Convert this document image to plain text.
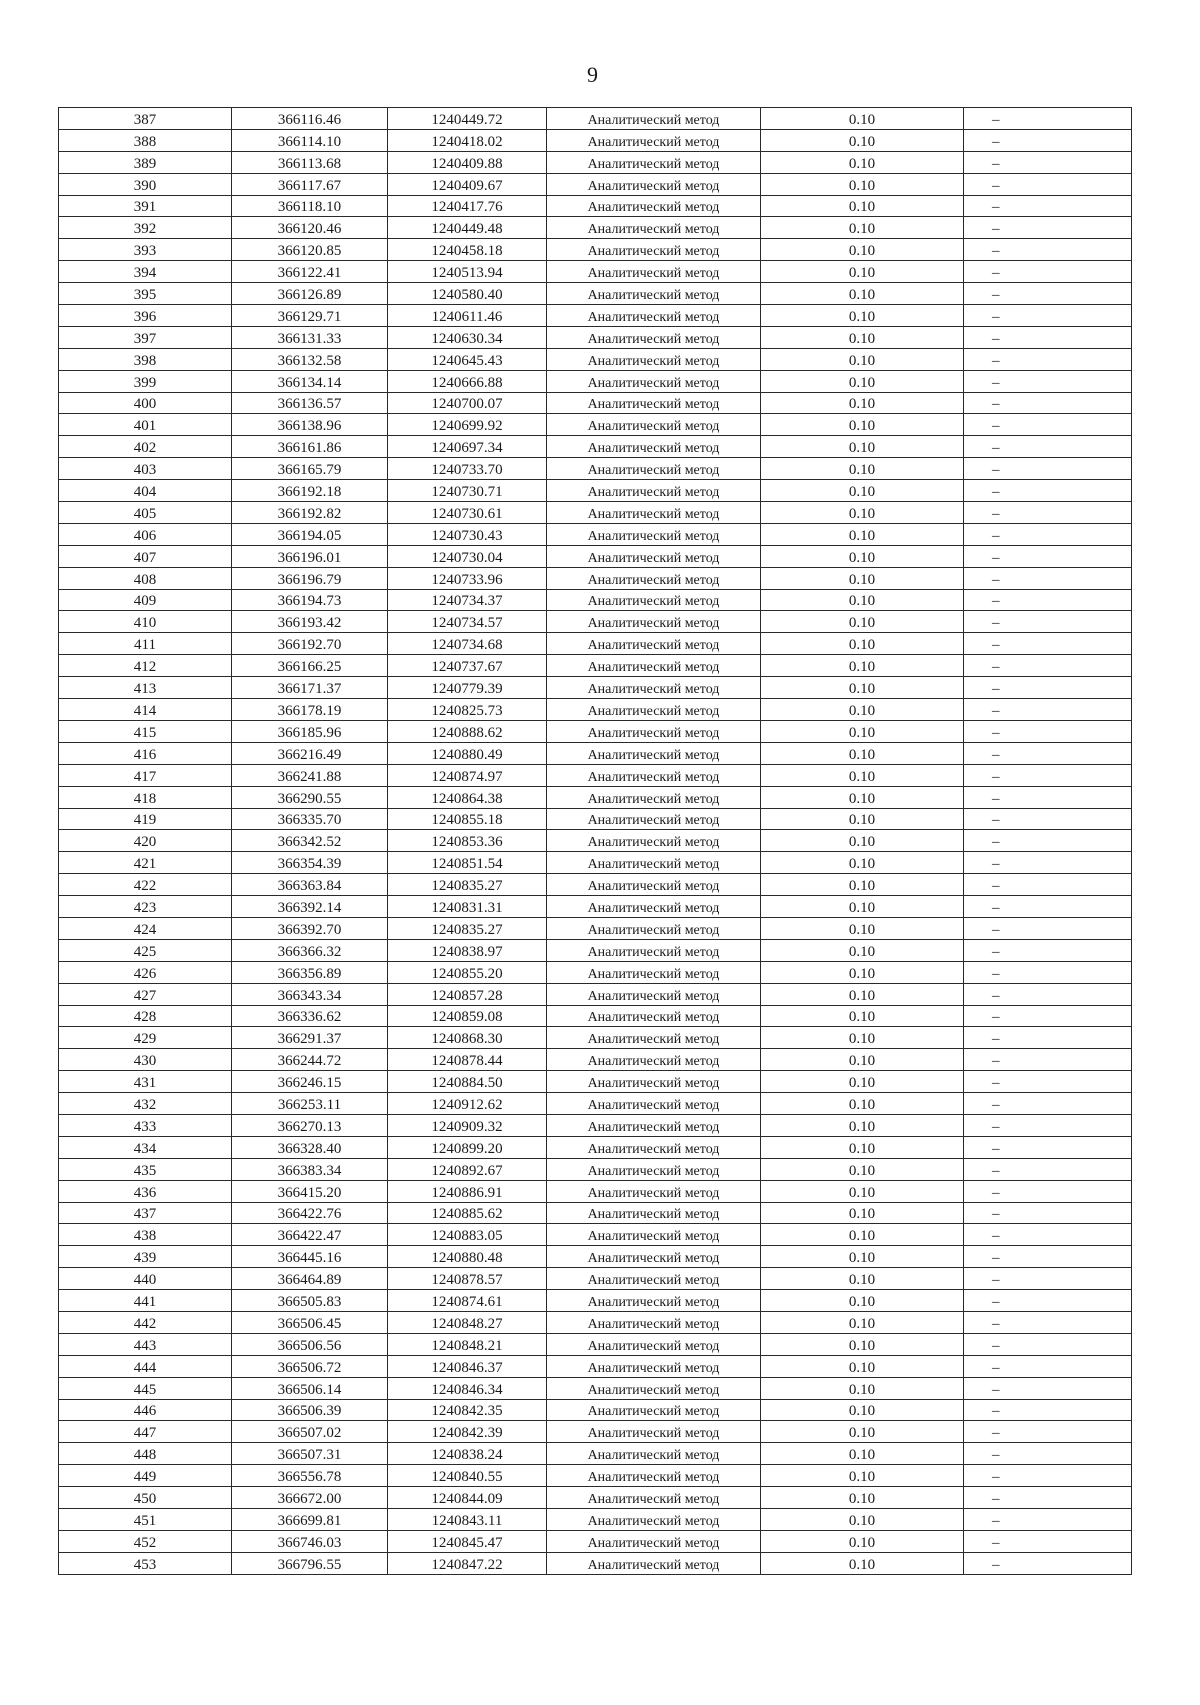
9
387	366116.46	1240449.72	Аналитический метод	0.10	–
388	366114.10	1240418.02	Аналитический метод	0.10	–
389	366113.68	1240409.88	Аналитический метод	0.10	–
390	366117.67	1240409.67	Аналитический метод	0.10	–
391	366118.10	1240417.76	Аналитический метод	0.10	–
392	366120.46	1240449.48	Аналитический метод	0.10	–
393	366120.85	1240458.18	Аналитический метод	0.10	–
394	366122.41	1240513.94	Аналитический метод	0.10	–
395	366126.89	1240580.40	Аналитический метод	0.10	–
396	366129.71	1240611.46	Аналитический метод	0.10	–
397	366131.33	1240630.34	Аналитический метод	0.10	–
398	366132.58	1240645.43	Аналитический метод	0.10	–
399	366134.14	1240666.88	Аналитический метод	0.10	–
400	366136.57	1240700.07	Аналитический метод	0.10	–
401	366138.96	1240699.92	Аналитический метод	0.10	–
402	366161.86	1240697.34	Аналитический метод	0.10	–
403	366165.79	1240733.70	Аналитический метод	0.10	–
404	366192.18	1240730.71	Аналитический метод	0.10	–
405	366192.82	1240730.61	Аналитический метод	0.10	–
406	366194.05	1240730.43	Аналитический метод	0.10	–
407	366196.01	1240730.04	Аналитический метод	0.10	–
408	366196.79	1240733.96	Аналитический метод	0.10	–
409	366194.73	1240734.37	Аналитический метод	0.10	–
410	366193.42	1240734.57	Аналитический метод	0.10	–
411	366192.70	1240734.68	Аналитический метод	0.10	–
412	366166.25	1240737.67	Аналитический метод	0.10	–
413	366171.37	1240779.39	Аналитический метод	0.10	–
414	366178.19	1240825.73	Аналитический метод	0.10	–
415	366185.96	1240888.62	Аналитический метод	0.10	–
416	366216.49	1240880.49	Аналитический метод	0.10	–
417	366241.88	1240874.97	Аналитический метод	0.10	–
418	366290.55	1240864.38	Аналитический метод	0.10	–
419	366335.70	1240855.18	Аналитический метод	0.10	–
420	366342.52	1240853.36	Аналитический метод	0.10	–
421	366354.39	1240851.54	Аналитический метод	0.10	–
422	366363.84	1240835.27	Аналитический метод	0.10	–
423	366392.14	1240831.31	Аналитический метод	0.10	–
424	366392.70	1240835.27	Аналитический метод	0.10	–
425	366366.32	1240838.97	Аналитический метод	0.10	–
426	366356.89	1240855.20	Аналитический метод	0.10	–
427	366343.34	1240857.28	Аналитический метод	0.10	–
428	366336.62	1240859.08	Аналитический метод	0.10	–
429	366291.37	1240868.30	Аналитический метод	0.10	–
430	366244.72	1240878.44	Аналитический метод	0.10	–
431	366246.15	1240884.50	Аналитический метод	0.10	–
432	366253.11	1240912.62	Аналитический метод	0.10	–
433	366270.13	1240909.32	Аналитический метод	0.10	–
434	366328.40	1240899.20	Аналитический метод	0.10	–
435	366383.34	1240892.67	Аналитический метод	0.10	–
436	366415.20	1240886.91	Аналитический метод	0.10	–
437	366422.76	1240885.62	Аналитический метод	0.10	–
438	366422.47	1240883.05	Аналитический метод	0.10	–
439	366445.16	1240880.48	Аналитический метод	0.10	–
440	366464.89	1240878.57	Аналитический метод	0.10	–
441	366505.83	1240874.61	Аналитический метод	0.10	–
442	366506.45	1240848.27	Аналитический метод	0.10	–
443	366506.56	1240848.21	Аналитический метод	0.10	–
444	366506.72	1240846.37	Аналитический метод	0.10	–
445	366506.14	1240846.34	Аналитический метод	0.10	–
446	366506.39	1240842.35	Аналитический метод	0.10	–
447	366507.02	1240842.39	Аналитический метод	0.10	–
448	366507.31	1240838.24	Аналитический метод	0.10	–
449	366556.78	1240840.55	Аналитический метод	0.10	–
450	366672.00	1240844.09	Аналитический метод	0.10	–
451	366699.81	1240843.11	Аналитический метод	0.10	–
452	366746.03	1240845.47	Аналитический метод	0.10	–
453	366796.55	1240847.22	Аналитический метод	0.10	–
